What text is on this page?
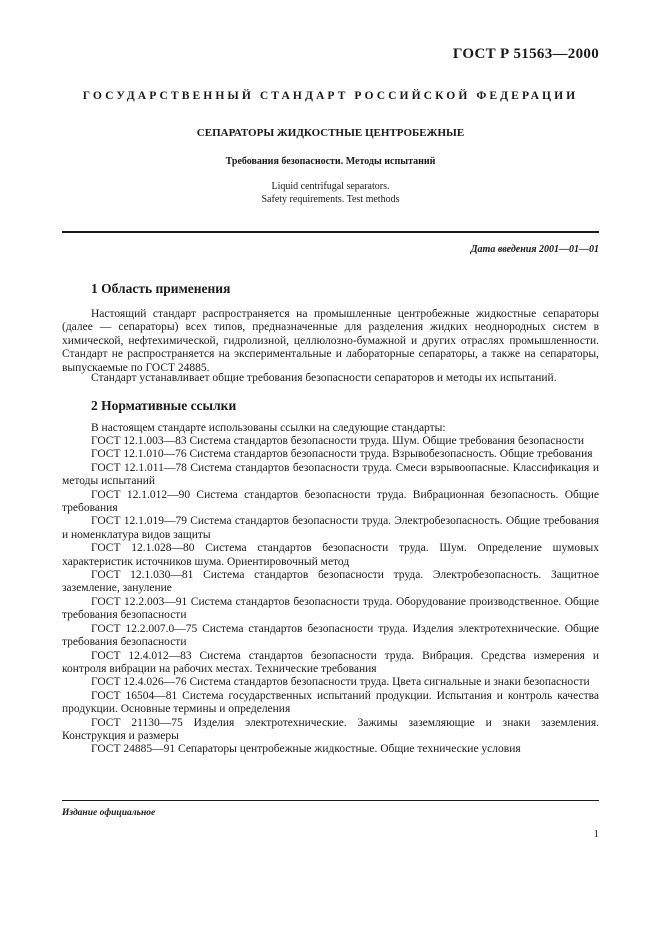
ГОСТ Р 51563—2000
ГОСУДАРСТВЕННЫЙ СТАНДАРТ РОССИЙСКОЙ ФЕДЕРАЦИИ
СЕПАРАТОРЫ ЖИДКОСТНЫЕ ЦЕНТРОБЕЖНЫЕ
Требования безопасности. Методы испытаний
Liquid centrifugal separators.
Safety requirements. Test methods
Дата введения 2001—01—01
1 Область применения

Настоящий стандарт распространяется на промышленные центробежные жидкостные сепараторы (далее — сепараторы) всех типов, предназначенные для разделения жидких неоднородных систем в химической, нефтехимической, гидролизной, целлюлозно-бумажной и других отраслях промышленности. Стандарт не распространяется на экспериментальные и лабораторные сепараторы, а также на сепараторы, выпускаемые по ГОСТ 24885.

Стандарт устанавливает общие требования безопасности сепараторов и методы их испытаний.

2 Нормативные ссылки

В настоящем стандарте использованы ссылки на следующие стандарты:

ГОСТ 12.1.003—83 Система стандартов безопасности труда. Шум. Общие требования безопасности

ГОСТ 12.1.010—76 Система стандартов безопасности труда. Взрывобезопасность. Общие требования

ГОСТ 12.1.011—78 Система стандартов безопасности труда. Смеси взрывоопасные. Классификация и методы испытаний

ГОСТ 12.1.012—90 Система стандартов безопасности труда. Вибрационная безопасность. Общие требования

ГОСТ 12.1.019—79 Система стандартов безопасности труда. Электробезопасность. Общие требования и номенклатура видов защиты

ГОСТ 12.1.028—80 Система стандартов безопасности труда. Шум. Определение шумовых характеристик источников шума. Ориентировочный метод

ГОСТ 12.1.030—81 Система стандартов безопасности труда. Электробезопасность. Защитное заземление, зануление

ГОСТ 12.2.003—91 Система стандартов безопасности труда. Оборудование производственное. Общие требования безопасности

ГОСТ 12.2.007.0—75 Система стандартов безопасности труда. Изделия электротехнические. Общие требования безопасности

ГОСТ 12.4.012—83 Система стандартов безопасности труда. Вибрация. Средства измерения и контроля вибрации на рабочих местах. Технические требования

ГОСТ 12.4.026—76 Система стандартов безопасности труда. Цвета сигнальные и знаки безопасности

ГОСТ 16504—81 Система государственных испытаний продукции. Испытания и контроль качества продукции. Основные термины и определения

ГОСТ 21130—75 Изделия электротехнические. Зажимы заземляющие и знаки заземления. Конструкция и размеры

ГОСТ 24885—91 Сепараторы центробежные жидкостные. Общие технические условия

Издание официальное
1
